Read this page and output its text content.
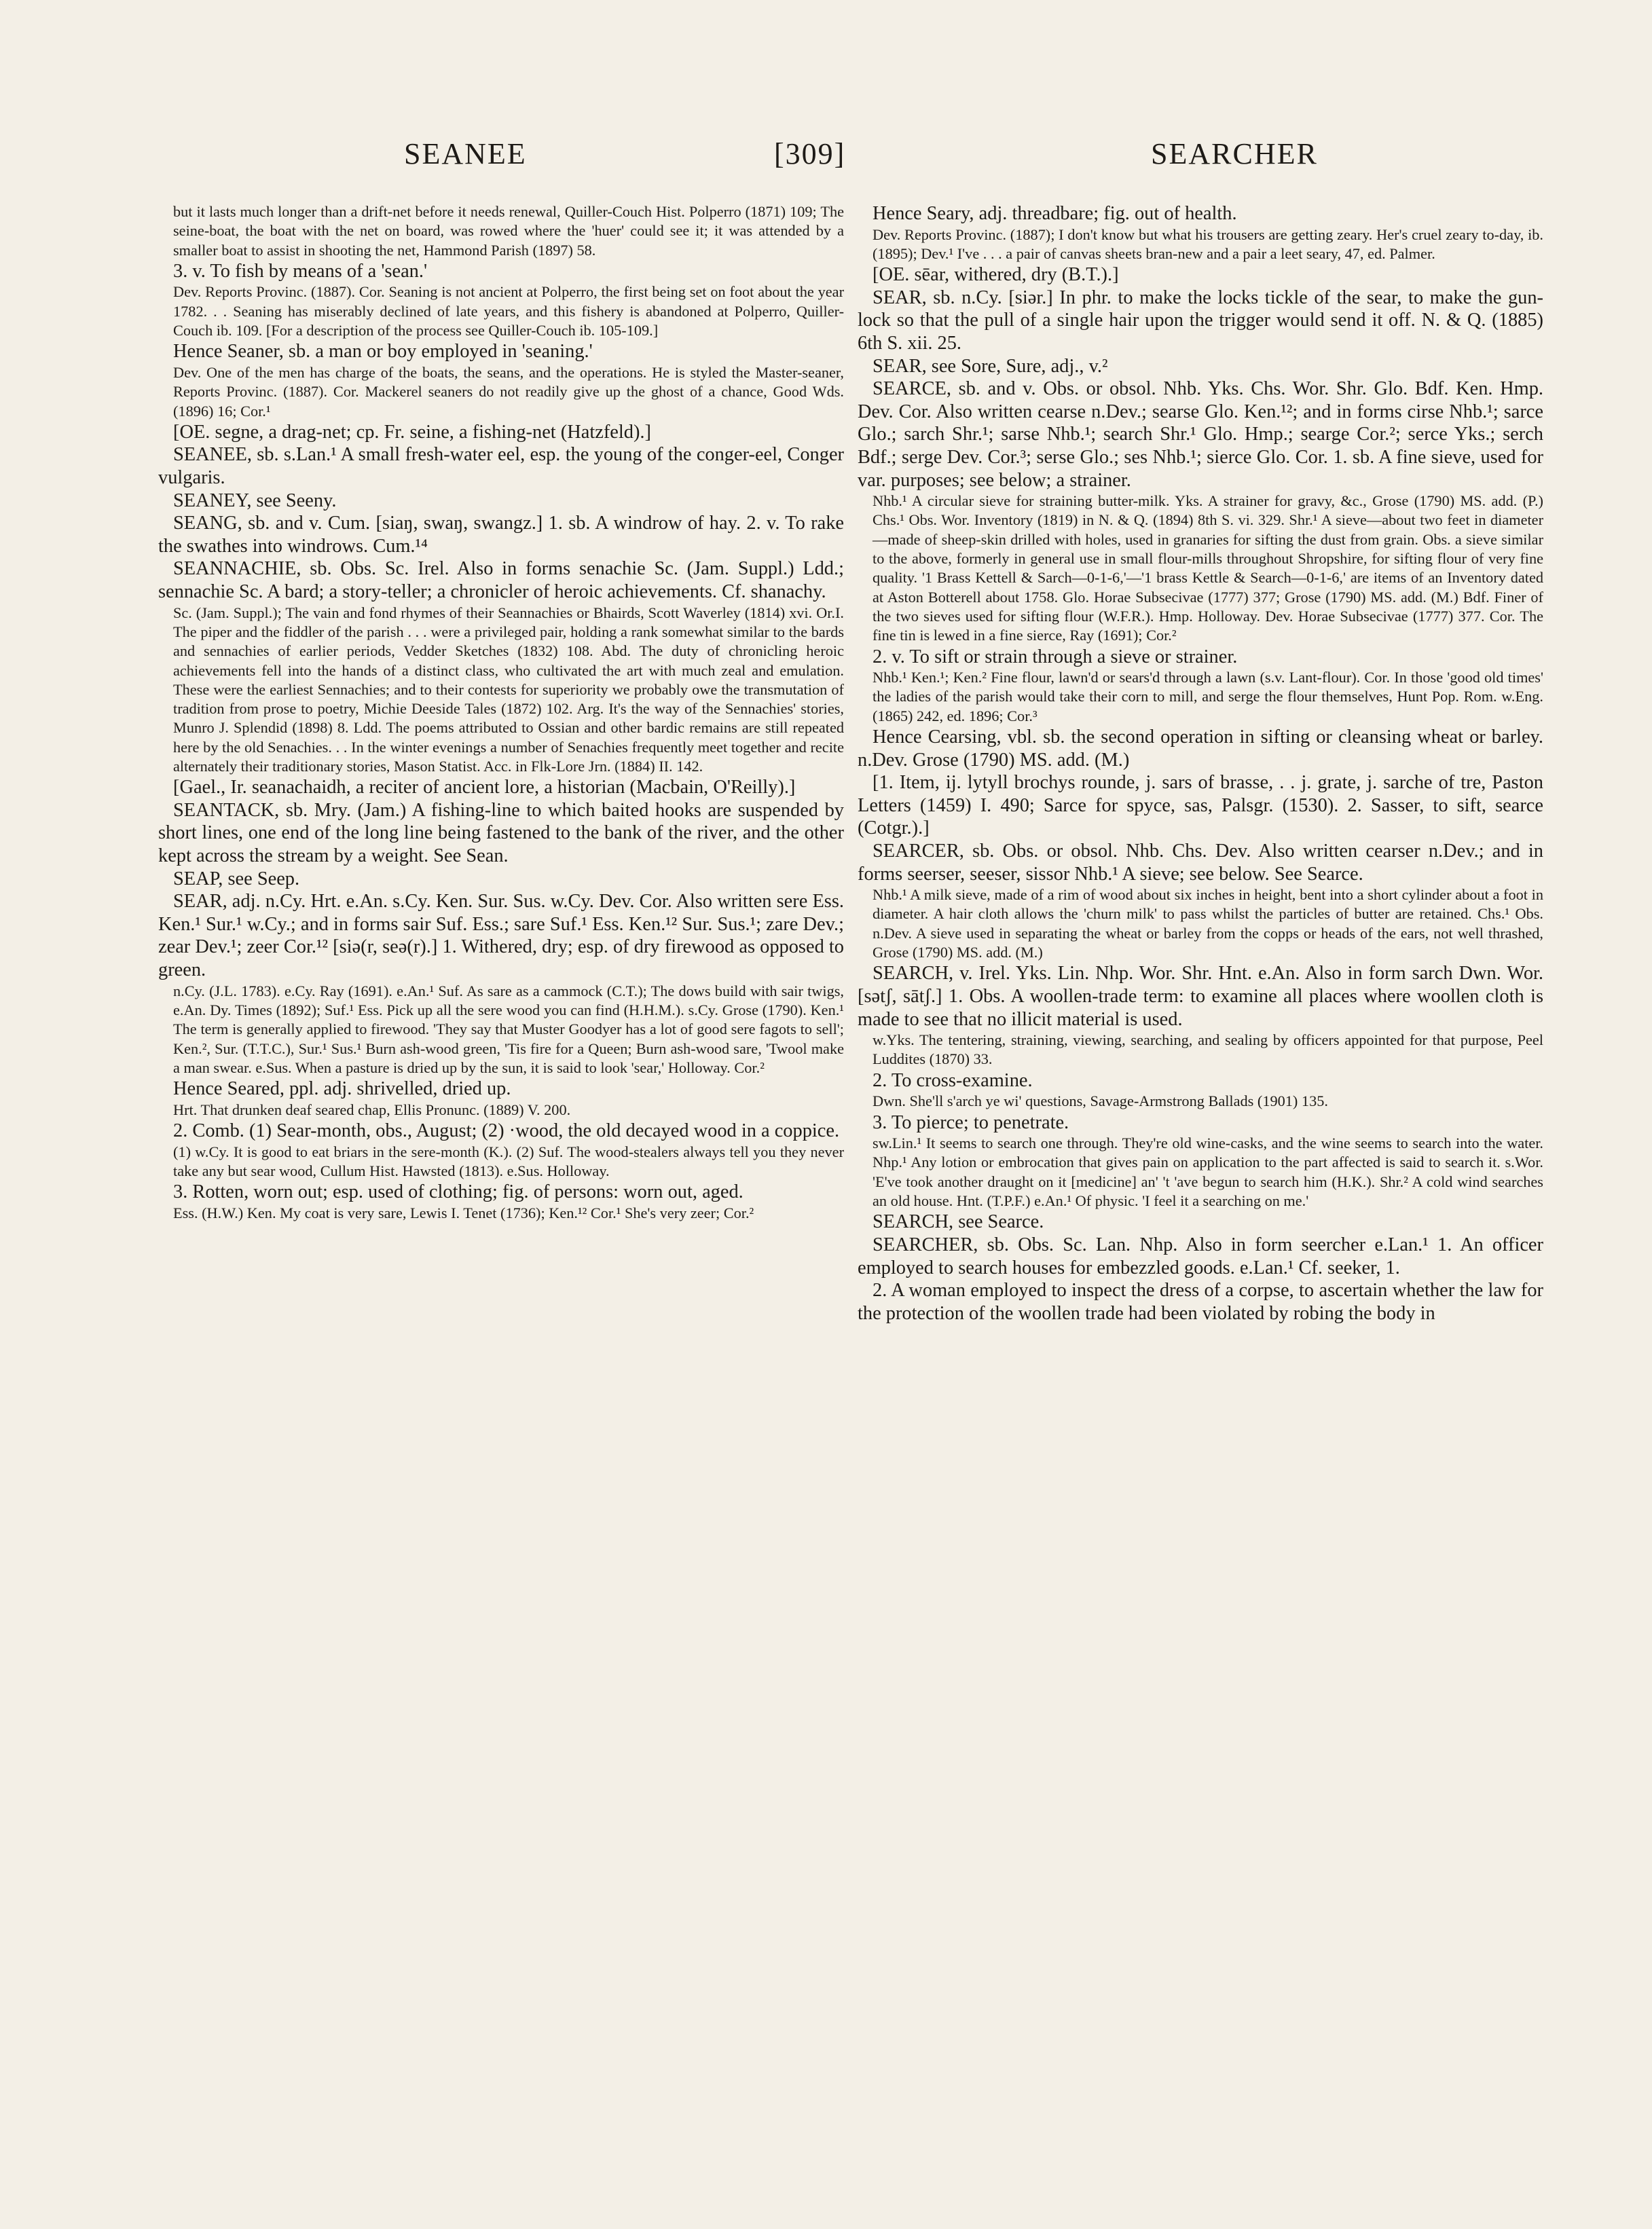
SEANEE	[309]	SEARCHER

but it lasts much longer than a drift-net before it needs renewal, Quiller-Couch Hist. Polperro (1871) 109; The seine-boat, the boat with the net on board, was rowed where the 'huer' could see it; it was attended by a smaller boat to assist in shooting the net, Hammond Parish (1897) 58.

3. v. To fish by means of a 'sean.'

Dev. Reports Provinc. (1887). Cor. Seaning is not ancient at Polperro, the first being set on foot about the year 1782. . . Seaning has miserably declined of late years, and this fishery is abandoned at Polperro, Quiller-Couch ib. 109. [For a description of the process see Quiller-Couch ib. 105-109.]

Hence Seaner, sb. a man or boy employed in 'seaning.'

Dev. One of the men has charge of the boats, the seans, and the operations. He is styled the Master-seaner, Reports Provinc. (1887). Cor. Mackerel seaners do not readily give up the ghost of a chance, Good Wds. (1896) 16; Cor.¹

[OE. segne, a drag-net; cp. Fr. seine, a fishing-net (Hatzfeld).]

SEANEE, sb. s.Lan.¹ A small fresh-water eel, esp. the young of the conger-eel, Conger vulgaris.

SEANEY, see Seeny.

SEANG, sb. and v. Cum. [siaŋ, swaŋ, swangz.] 1. sb. A windrow of hay. 2. v. To rake the swathes into windrows. Cum.¹⁴

SEANNACHIE, sb. Obs. Sc. Irel. Also in forms senachie Sc. (Jam. Suppl.) Ldd.; sennachie Sc. A bard; a story-teller; a chronicler of heroic achievements. Cf. shanachy.

Sc. (Jam. Suppl.); The vain and fond rhymes of their Seannachies or Bhairds, Scott Waverley (1814) xvi. Or.I. The piper and the fiddler of the parish . . . were a privileged pair, holding a rank somewhat similar to the bards and sennachies of earlier periods, Vedder Sketches (1832) 108. Abd. The duty of chronicling heroic achievements fell into the hands of a distinct class, who cultivated the art with much zeal and emulation. These were the earliest Sennachies; and to their contests for superiority we probably owe the transmutation of tradition from prose to poetry, Michie Deeside Tales (1872) 102. Arg. It's the way of the Sennachies' stories, Munro J. Splendid (1898) 8. Ldd. The poems attributed to Ossian and other bardic remains are still repeated here by the old Senachies. . . In the winter evenings a number of Senachies frequently meet together and recite alternately their traditionary stories, Mason Statist. Acc. in Flk-Lore Jrn. (1884) II. 142.

[Gael., Ir. seanachaidh, a reciter of ancient lore, a historian (Macbain, O'Reilly).]

SEANTACK, sb. Mry. (Jam.) A fishing-line to which baited hooks are suspended by short lines, one end of the long line being fastened to the bank of the river, and the other kept across the stream by a weight. See Sean.

SEAP, see Seep.

SEAR, adj. n.Cy. Hrt. e.An. s.Cy. Ken. Sur. Sus. w.Cy. Dev. Cor. Also written sere Ess. Ken.¹ Sur.¹ w.Cy.; and in forms sair Suf. Ess.; sare Suf.¹ Ess. Ken.¹² Sur. Sus.¹; zare Dev.; zear Dev.¹; zeer Cor.¹² [siə(r, seə(r).] 1. Withered, dry; esp. of dry firewood as opposed to green.

n.Cy. (J.L. 1783). e.Cy. Ray (1691). e.An.¹ Suf. As sare as a cammock (C.T.); The dows build with sair twigs, e.An. Dy. Times (1892); Suf.¹ Ess. Pick up all the sere wood you can find (H.H.M.). s.Cy. Grose (1790). Ken.¹ The term is generally applied to firewood. 'They say that Muster Goodyer has a lot of good sere fagots to sell'; Ken.², Sur. (T.T.C.), Sur.¹ Sus.¹ Burn ash-wood green, 'Tis fire for a Queen; Burn ash-wood sare, 'Twool make a man swear. e.Sus. When a pasture is dried up by the sun, it is said to look 'sear,' Holloway. Cor.²

Hence Seared, ppl. adj. shrivelled, dried up.

Hrt. That drunken deaf seared chap, Ellis Pronunc. (1889) V. 200.

2. Comb. (1) Sear-month, obs., August; (2) ·wood, the old decayed wood in a coppice.

(1) w.Cy. It is good to eat briars in the sere-month (K.). (2) Suf. The wood-stealers always tell you they never take any but sear wood, Cullum Hist. Hawsted (1813). e.Sus. Holloway.

3. Rotten, worn out; esp. used of clothing; fig. of persons: worn out, aged.

Ess. (H.W.) Ken. My coat is very sare, Lewis I. Tenet (1736); Ken.¹² Cor.¹ She's very zeer; Cor.²

Hence Seary, adj. threadbare; fig. out of health.

Dev. Reports Provinc. (1887); I don't know but what his trousers are getting zeary. Her's cruel zeary to-day, ib. (1895); Dev.¹ I've . . . a pair of canvas sheets bran-new and a pair a leet seary, 47, ed. Palmer.

[OE. sēar, withered, dry (B.T.).]

SEAR, sb. n.Cy. [siər.] In phr. to make the locks tickle of the sear, to make the gun-lock so that the pull of a single hair upon the trigger would send it off. N. & Q. (1885) 6th S. xii. 25.

SEAR, see Sore, Sure, adj., v.²

SEARCE, sb. and v. Obs. or obsol. Nhb. Yks. Chs. Wor. Shr. Glo. Bdf. Ken. Hmp. Dev. Cor. Also written cearse n.Dev.; searse Glo. Ken.¹²; and in forms cirse Nhb.¹; sarce Glo.; sarch Shr.¹; sarse Nhb.¹; search Shr.¹ Glo. Hmp.; searge Cor.²; serce Yks.; serch Bdf.; serge Dev. Cor.³; serse Glo.; ses Nhb.¹; sierce Glo. Cor. 1. sb. A fine sieve, used for var. purposes; see below; a strainer.

Nhb.¹ A circular sieve for straining butter-milk. Yks. A strainer for gravy, &c., Grose (1790) MS. add. (P.) Chs.¹ Obs. Wor. Inventory (1819) in N. & Q. (1894) 8th S. vi. 329. Shr.¹ A sieve—about two feet in diameter—made of sheep-skin drilled with holes, used in granaries for sifting the dust from grain. Obs. a sieve similar to the above, formerly in general use in small flour-mills throughout Shropshire, for sifting flour of very fine quality. '1 Brass Kettell & Sarch—0-1-6,'—'1 brass Kettle & Search—0-1-6,' are items of an Inventory dated at Aston Botterell about 1758. Glo. Horae Subsecivae (1777) 377; Grose (1790) MS. add. (M.) Bdf. Finer of the two sieves used for sifting flour (W.F.R.). Hmp. Holloway. Dev. Horae Subsecivae (1777) 377. Cor. The fine tin is lewed in a fine sierce, Ray (1691); Cor.²

2. v. To sift or strain through a sieve or strainer.

Nhb.¹ Ken.¹; Ken.² Fine flour, lawn'd or sears'd through a lawn (s.v. Lant-flour). Cor. In those 'good old times' the ladies of the parish would take their corn to mill, and serge the flour themselves, Hunt Pop. Rom. w.Eng. (1865) 242, ed. 1896; Cor.³

Hence Cearsing, vbl. sb. the second operation in sifting or cleansing wheat or barley. n.Dev. Grose (1790) MS. add. (M.)

[1. Item, ij. lytyll brochys rounde, j. sars of brasse, . . j. grate, j. sarche of tre, Paston Letters (1459) I. 490; Sarce for spyce, sas, Palsgr. (1530). 2. Sasser, to sift, searce (Cotgr.).]

SEARCER, sb. Obs. or obsol. Nhb. Chs. Dev. Also written cearser n.Dev.; and in forms seerser, seeser, sissor Nhb.¹ A sieve; see below. See Searce.

Nhb.¹ A milk sieve, made of a rim of wood about six inches in height, bent into a short cylinder about a foot in diameter. A hair cloth allows the 'churn milk' to pass whilst the particles of butter are retained. Chs.¹ Obs. n.Dev. A sieve used in separating the wheat or barley from the copps or heads of the ears, not well thrashed, Grose (1790) MS. add. (M.)

SEARCH, v. Irel. Yks. Lin. Nhp. Wor. Shr. Hnt. e.An. Also in form sarch Dwn. Wor. [sǝtʃ, sātʃ.] 1. Obs. A woollen-trade term: to examine all places where woollen cloth is made to see that no illicit material is used.

w.Yks. The tentering, straining, viewing, searching, and sealing by officers appointed for that purpose, Peel Luddites (1870) 33.

2. To cross-examine.

Dwn. She'll s'arch ye wi' questions, Savage-Armstrong Ballads (1901) 135.

3. To pierce; to penetrate.

sw.Lin.¹ It seems to search one through. They're old wine-casks, and the wine seems to search into the water. Nhp.¹ Any lotion or embrocation that gives pain on application to the part affected is said to search it. s.Wor. 'E've took another draught on it [medicine] an' 't 'ave begun to search him (H.K.). Shr.² A cold wind searches an old house. Hnt. (T.P.F.) e.An.¹ Of physic. 'I feel it a searching on me.'

SEARCH, see Searce.

SEARCHER, sb. Obs. Sc. Lan. Nhp. Also in form seercher e.Lan.¹ 1. An officer employed to search houses for embezzled goods. e.Lan.¹ Cf. seeker, 1.

2. A woman employed to inspect the dress of a corpse, to ascertain whether the law for the protection of the woollen trade had been violated by robing the body in
